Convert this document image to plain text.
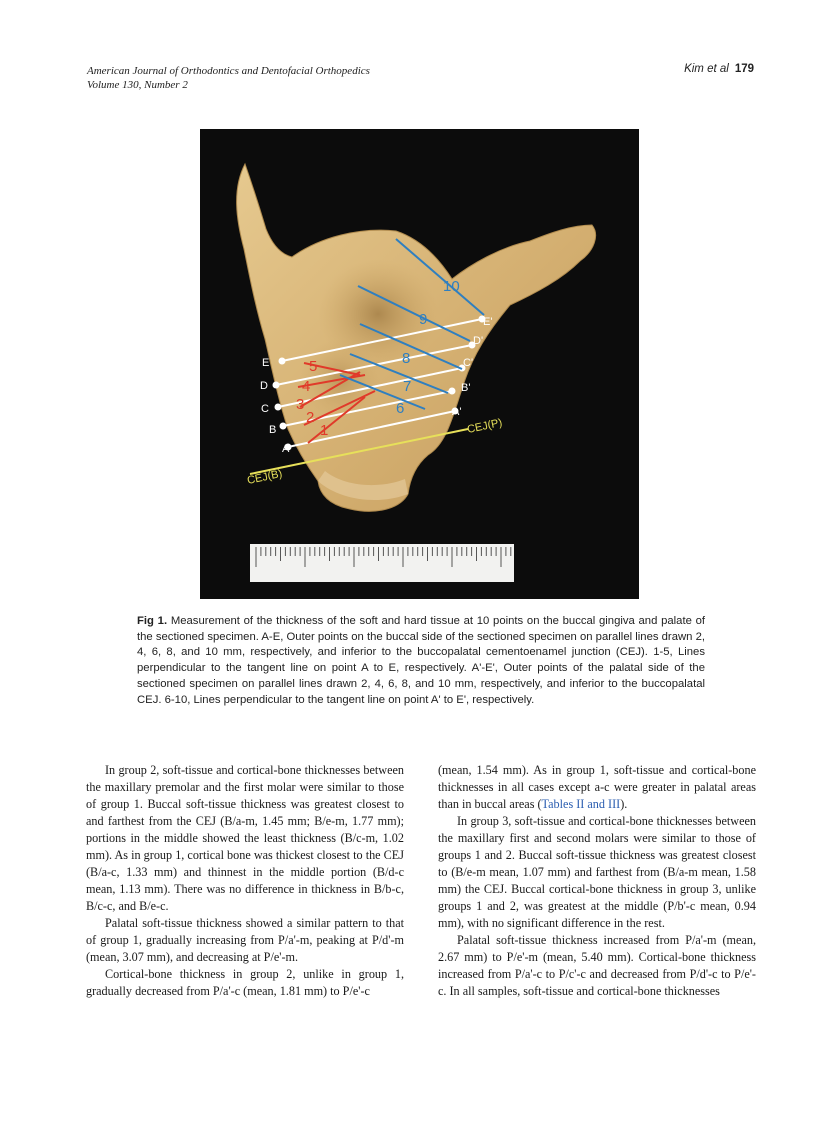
American Journal of Orthodontics and Dentofacial Orthopedics
Volume 130, Number 2
Kim et al 179
5
4
3
2
1
10
9
8
7
6
E
D
C
B
A
E'
D'
C'
B'
A'
CEJ(B)
CEJ(P)
Fig 1. Measurement of the thickness of the soft and hard tissue at 10 points on the buccal gingiva and palate of the sectioned specimen. A-E, Outer points on the buccal side of the sectioned specimen on parallel lines drawn 2, 4, 6, 8, and 10 mm, respectively, and inferior to the buccopalatal cementoenamel junction (CEJ). 1-5, Lines perpendicular to the tangent line on point A to E, respectively. A'-E', Outer points of the palatal side of the sectioned specimen on parallel lines drawn 2, 4, 6, 8, and 10 mm, respectively, and inferior to the buccopalatal CEJ. 6-10, Lines perpendicular to the tangent line on point A' to E', respectively.

In group 2, soft-tissue and cortical-bone thicknesses between the maxillary premolar and the first molar were similar to those of group 1. Buccal soft-tissue thickness was greatest closest to and farthest from the CEJ (B/a-m, 1.45 mm; B/e-m, 1.77 mm); portions in the middle showed the least thickness (B/c-m, 1.02 mm). As in group 1, cortical bone was thickest closest to the CEJ (B/a-c, 1.33 mm) and thinnest in the middle portion (B/d-c mean, 1.13 mm). There was no difference in thickness in B/b-c, B/c-c, and B/e-c.

Palatal soft-tissue thickness showed a similar pattern to that of group 1, gradually increasing from P/a'-m, peaking at P/d'-m (mean, 3.07 mm), and decreasing at P/e'-m.

Cortical-bone thickness in group 2, unlike in group 1, gradually decreased from P/a'-c (mean, 1.81 mm) to P/e'-c

(mean, 1.54 mm). As in group 1, soft-tissue and cortical-bone thicknesses in all cases except a-c were greater in palatal areas than in buccal areas (Tables II and III).

In group 3, soft-tissue and cortical-bone thicknesses between the maxillary first and second molars were similar to those of groups 1 and 2. Buccal soft-tissue thickness was greatest closest to (B/e-m mean, 1.07 mm) and farthest from (B/a-m mean, 1.58 mm) the CEJ. Buccal cortical-bone thickness in group 3, unlike groups 1 and 2, was greatest at the middle (P/b'-c mean, 0.94 mm), with no significant difference in the rest.

Palatal soft-tissue thickness increased from P/a'-m (mean, 2.67 mm) to P/e'-m (mean, 5.40 mm). Cortical-bone thickness increased from P/a'-c to P/c'-c and decreased from P/d'-c to P/e'-c. In all samples, soft-tissue and cortical-bone thicknesses
